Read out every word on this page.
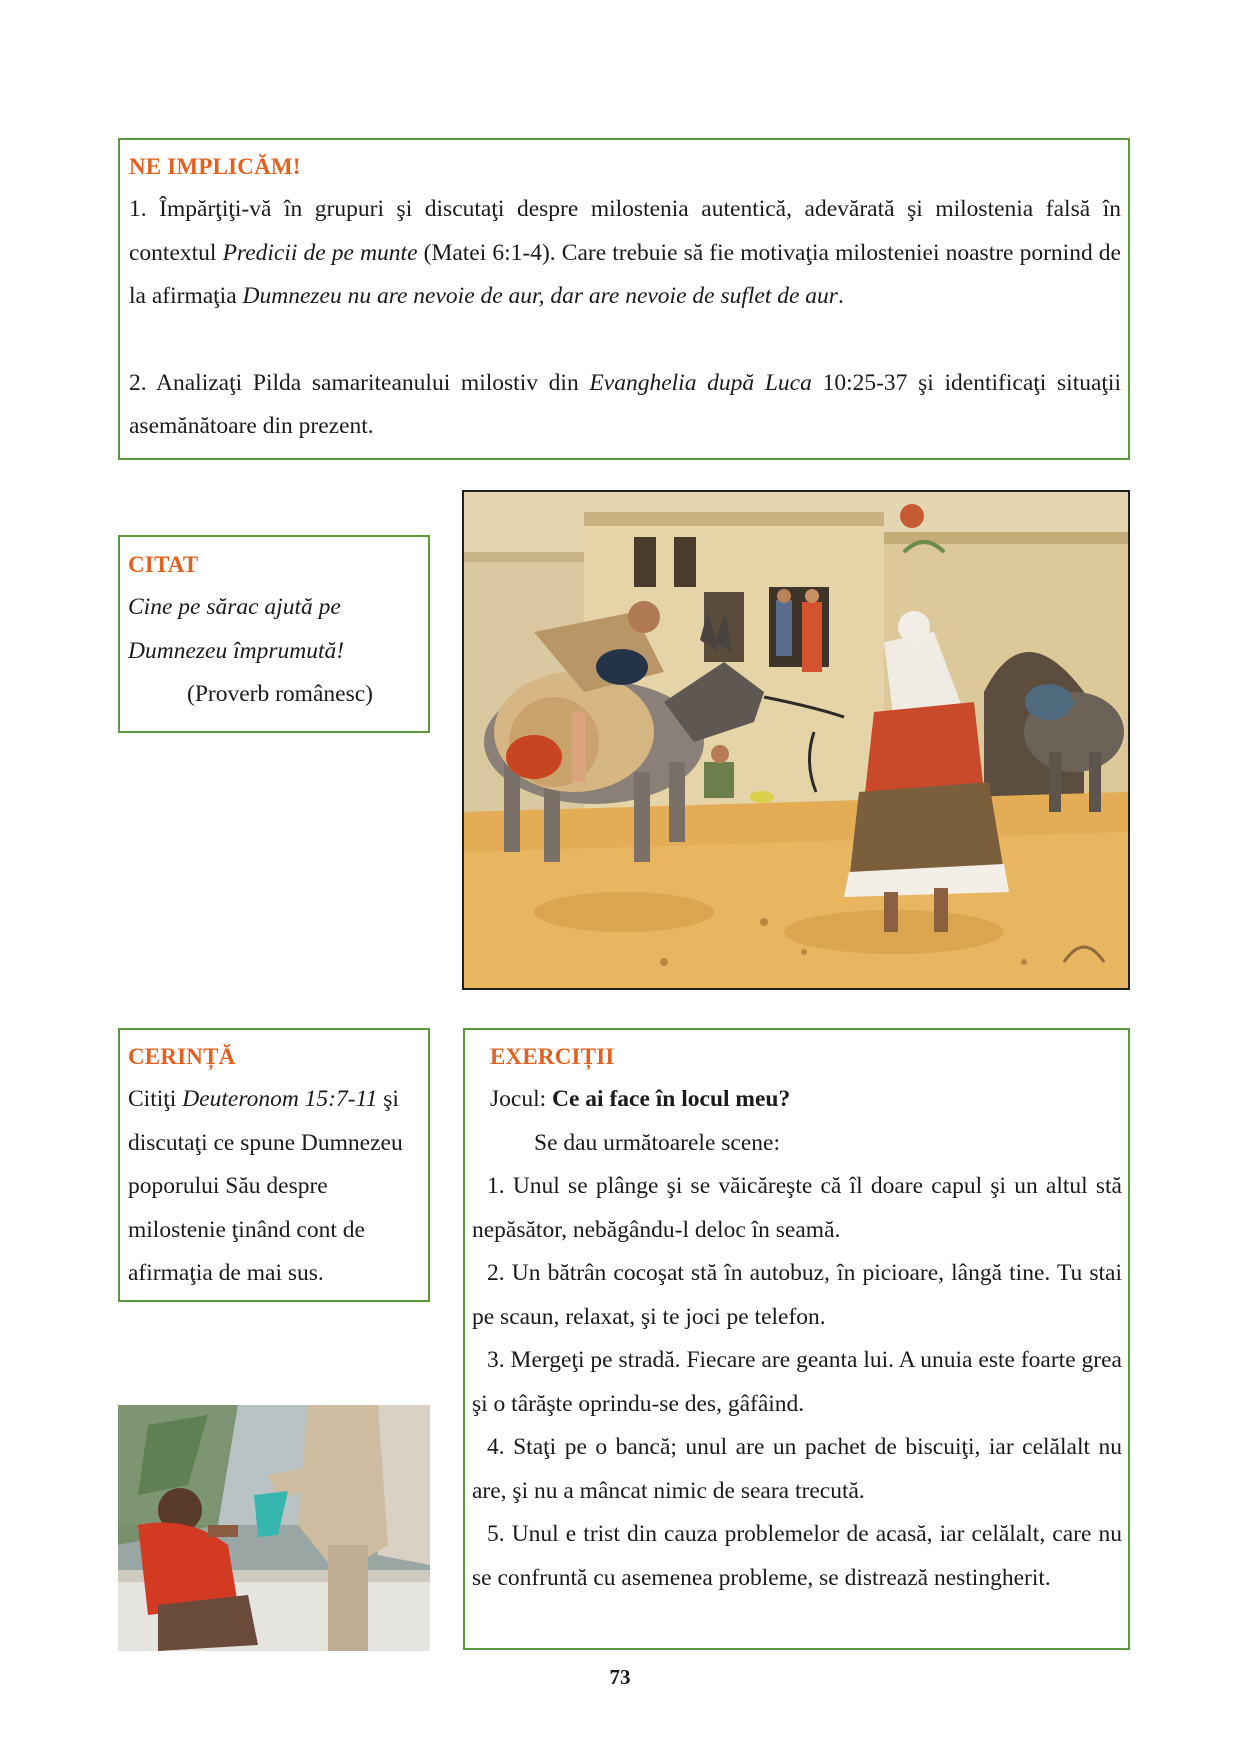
NE IMPLICĂM!
1. Împărţiţi-vă în grupuri şi discutaţi despre milostenia autentică, adevărată şi milostenia falsă în contextul Predicii de pe munte (Matei 6:1-4). Care trebuie să fie motivaţia milosteniei noastre pornind de la afirmaţia Dumnezeu nu are nevoie de aur, dar are nevoie de suflet de aur.
2. Analizaţi Pilda samariteanului milostiv din Evanghelia după Luca 10:25-37 şi identificaţi situaţii asemănătoare din prezent.
CITAT
Cine pe sărac ajută pe
Dumnezeu împrumută!
(Proverb românesc)
CERINȚĂ
Citiţi Deuteronom 15:7-11 şi discutaţi ce spune Dumnezeu poporului Său despre milostenie ţinând cont de afirmaţia de mai sus.
EXERCIȚII
Jocul: Ce ai face în locul meu?
Se dau următoarele scene:
1. Unul se plânge şi se văicăreşte că îl doare capul şi un altul stă nepăsător, nebăgându-l deloc în seamă.
2. Un bătrân cocoşat stă în autobuz, în picioare, lângă tine. Tu stai pe scaun, relaxat, şi te joci pe telefon.
3. Mergeţi pe stradă. Fiecare are geanta lui. A unuia este foarte grea şi o târăşte oprindu-se des, gâfâind.
4. Staţi pe o bancă; unul are un pachet de biscuiţi, iar celălalt nu are, şi nu a mâncat nimic de seara trecută.
5. Unul e trist din cauza problemelor de acasă, iar celălalt, care nu se confruntă cu asemenea probleme, se distrează nestingherit.
73
